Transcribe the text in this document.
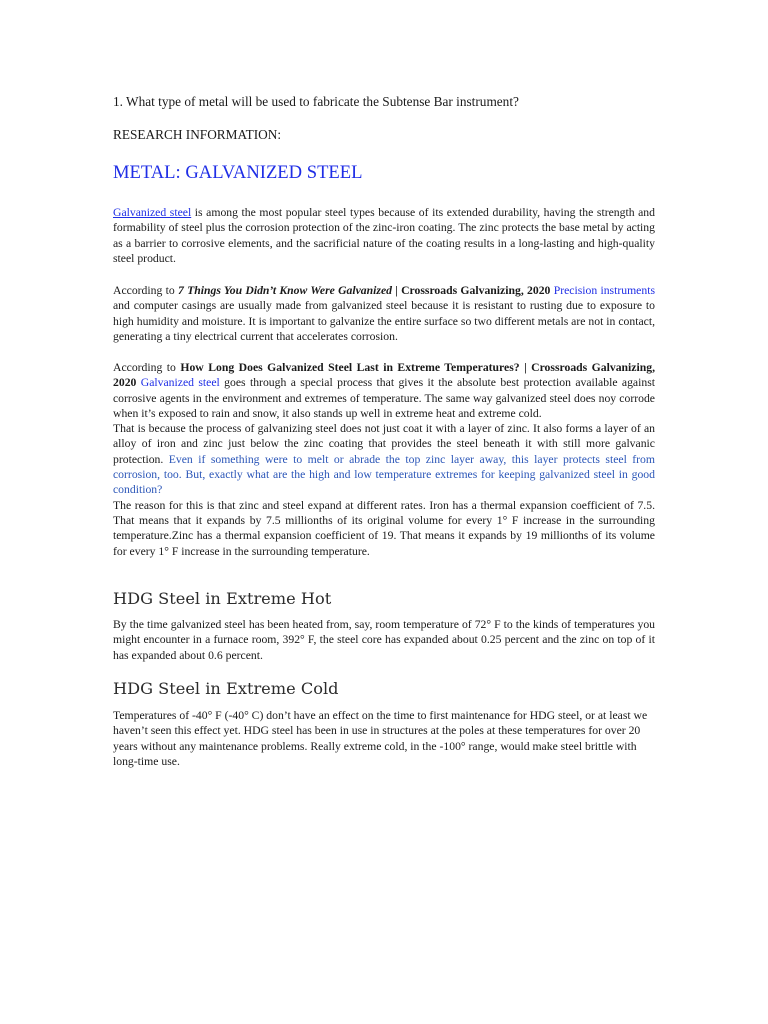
1. What type of metal will be used to fabricate the Subtense Bar instrument?

RESEARCH INFORMATION:

METAL: GALVANIZED STEEL

Galvanized steel is among the most popular steel types because of its extended durability, having the strength and formability of steel plus the corrosion protection of the zinc-iron coating. The zinc protects the base metal by acting as a barrier to corrosive elements, and the sacrificial nature of the coating results in a long-lasting and high-quality steel product.

According to 7 Things You Didn’t Know Were Galvanized | Crossroads Galvanizing, 2020 Precision instruments and computer casings are usually made from galvanized steel because it is resistant to rusting due to exposure to high humidity and moisture. It is important to galvanize the entire surface so two different metals are not in contact, generating a tiny electrical current that accelerates corrosion.

According to How Long Does Galvanized Steel Last in Extreme Temperatures? | Crossroads Galvanizing, 2020 Galvanized steel goes through a special process that gives it the absolute best protection available against corrosive agents in the environment and extremes of temperature. The same way galvanized steel does noy corrode when it’s exposed to rain and snow, it also stands up well in extreme heat and extreme cold.

That is because the process of galvanizing steel does not just coat it with a layer of zinc. It also forms a layer of an alloy of iron and zinc just below the zinc coating that provides the steel beneath it with still more galvanic protection. Even if something were to melt or abrade the top zinc layer away, this layer protects steel from corrosion, too. But, exactly what are the high and low temperature extremes for keeping galvanized steel in good condition?

The reason for this is that zinc and steel expand at different rates. Iron has a thermal expansion coefficient of 7.5. That means that it expands by 7.5 millionths of its original volume for every 1° F increase in the surrounding temperature.Zinc has a thermal expansion coefficient of 19. That means it expands by 19 millionths of its volume for every 1° F increase in the surrounding temperature.

HDG Steel in Extreme Hot

By the time galvanized steel has been heated from, say, room temperature of 72° F to the kinds of temperatures you might encounter in a furnace room, 392° F, the steel core has expanded about 0.25 percent and the zinc on top of it has expanded about 0.6 percent.

HDG Steel in Extreme Cold

Temperatures of -40° F (-40° C) don’t have an effect on the time to first maintenance for HDG steel, or at least we haven’t seen this effect yet. HDG steel has been in use in structures at the poles at these temperatures for over 20 years without any maintenance problems. Really extreme cold, in the -100° range, would make steel brittle with long-time use.
